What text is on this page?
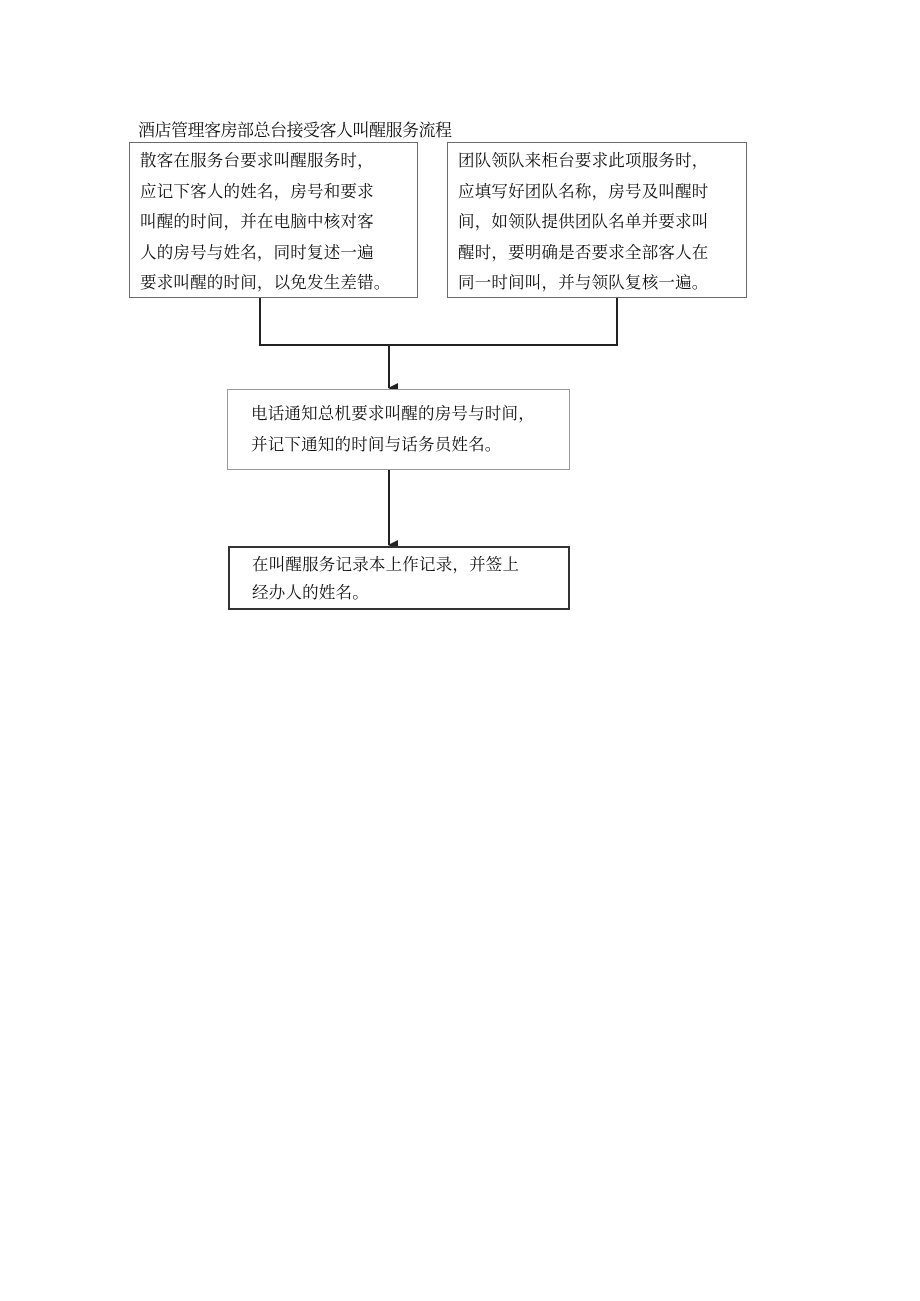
酒店管理客房部总台接受客人叫醒服务流程
散客在服务台要求叫醒服务时，
应记下客人的姓名，房号和要求
叫醒的时间，并在电脑中核对客
人的房号与姓名，同时复述一遍
要求叫醒的时间，以免发生差错。
团队领队来柜台要求此项服务时，
应填写好团队名称，房号及叫醒时
间，如领队提供团队名单并要求叫
醒时，要明确是否要求全部客人在
同一时间叫，并与领队复核一遍。
电话通知总机要求叫醒的房号与时间，
并记下通知的时间与话务员姓名。
在叫醒服务记录本上作记录，并签上
经办人的姓名。
